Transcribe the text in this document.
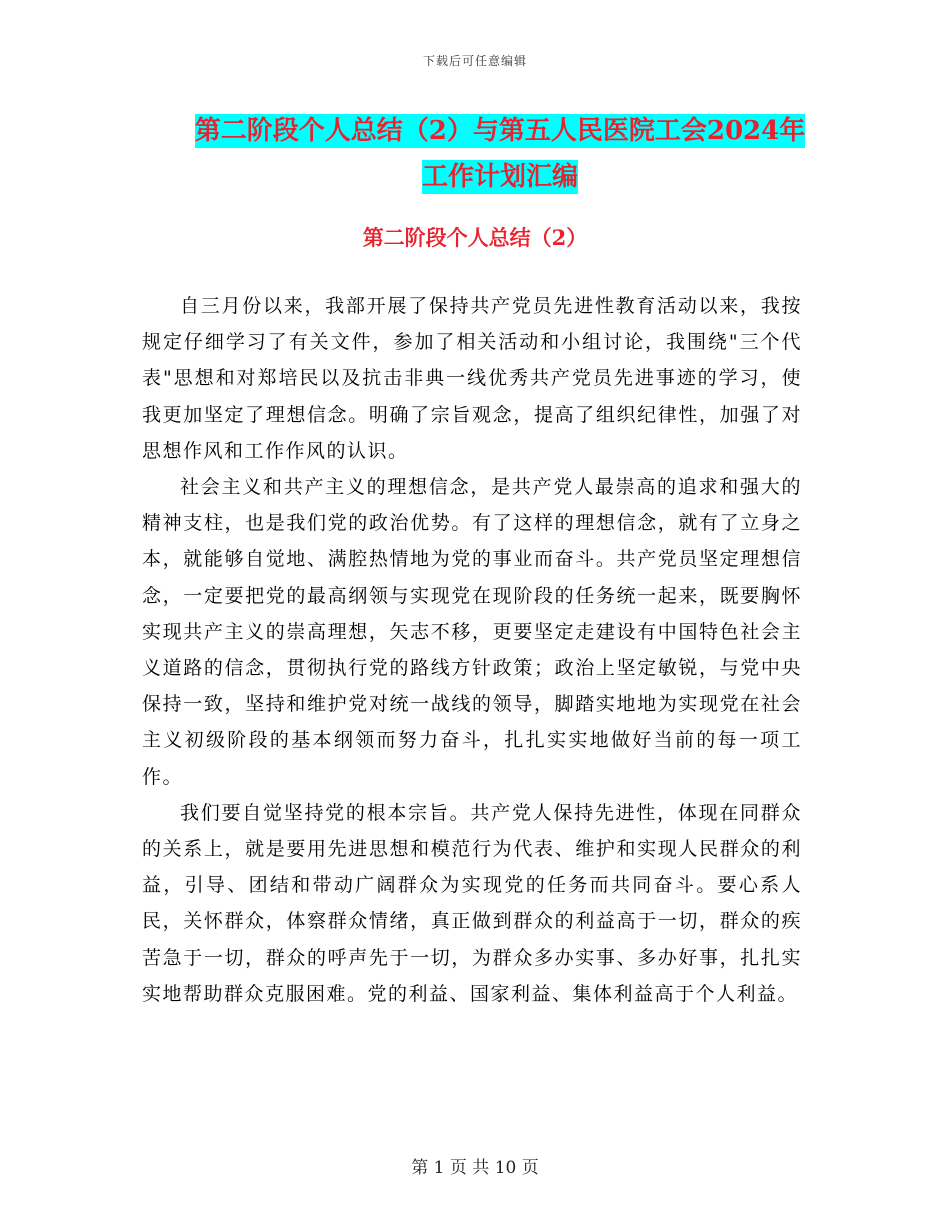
下载后可任意编辑
第二阶段个人总结（2）与第五人民医院工会2024年
工作计划汇编
第二阶段个人总结（2）

自三月份以来，我部开展了保持共产党员先进性教育活动以来，我按规定仔细学习了有关文件，参加了相关活动和小组讨论，我围绕"三个代表"思想和对郑培民以及抗击非典一线优秀共产党员先进事迹的学习，使我更加坚定了理想信念。明确了宗旨观念，提高了组织纪律性，加强了对思想作风和工作作风的认识。

社会主义和共产主义的理想信念，是共产党人最崇高的追求和强大的精神支柱，也是我们党的政治优势。有了这样的理想信念，就有了立身之本，就能够自觉地、满腔热情地为党的事业而奋斗。共产党员坚定理想信念，一定要把党的最高纲领与实现党在现阶段的任务统一起来，既要胸怀实现共产主义的崇高理想，矢志不移，更要坚定走建设有中国特色社会主义道路的信念，贯彻执行党的路线方针政策；政治上坚定敏锐，与党中央保持一致，坚持和维护党对统一战线的领导，脚踏实地地为实现党在社会主义初级阶段的基本纲领而努力奋斗，扎扎实实地做好当前的每一项工作。

我们要自觉坚持党的根本宗旨。共产党人保持先进性，体现在同群众的关系上，就是要用先进思想和模范行为代表、维护和实现人民群众的利益，引导、团结和带动广阔群众为实现党的任务而共同奋斗。要心系人民，关怀群众，体察群众情绪，真正做到群众的利益高于一切，群众的疾苦急于一切，群众的呼声先于一切，为群众多办实事、多办好事，扎扎实实地帮助群众克服困难。党的利益、国家利益、集体利益高于个人利益。

第 1 页 共 10 页
